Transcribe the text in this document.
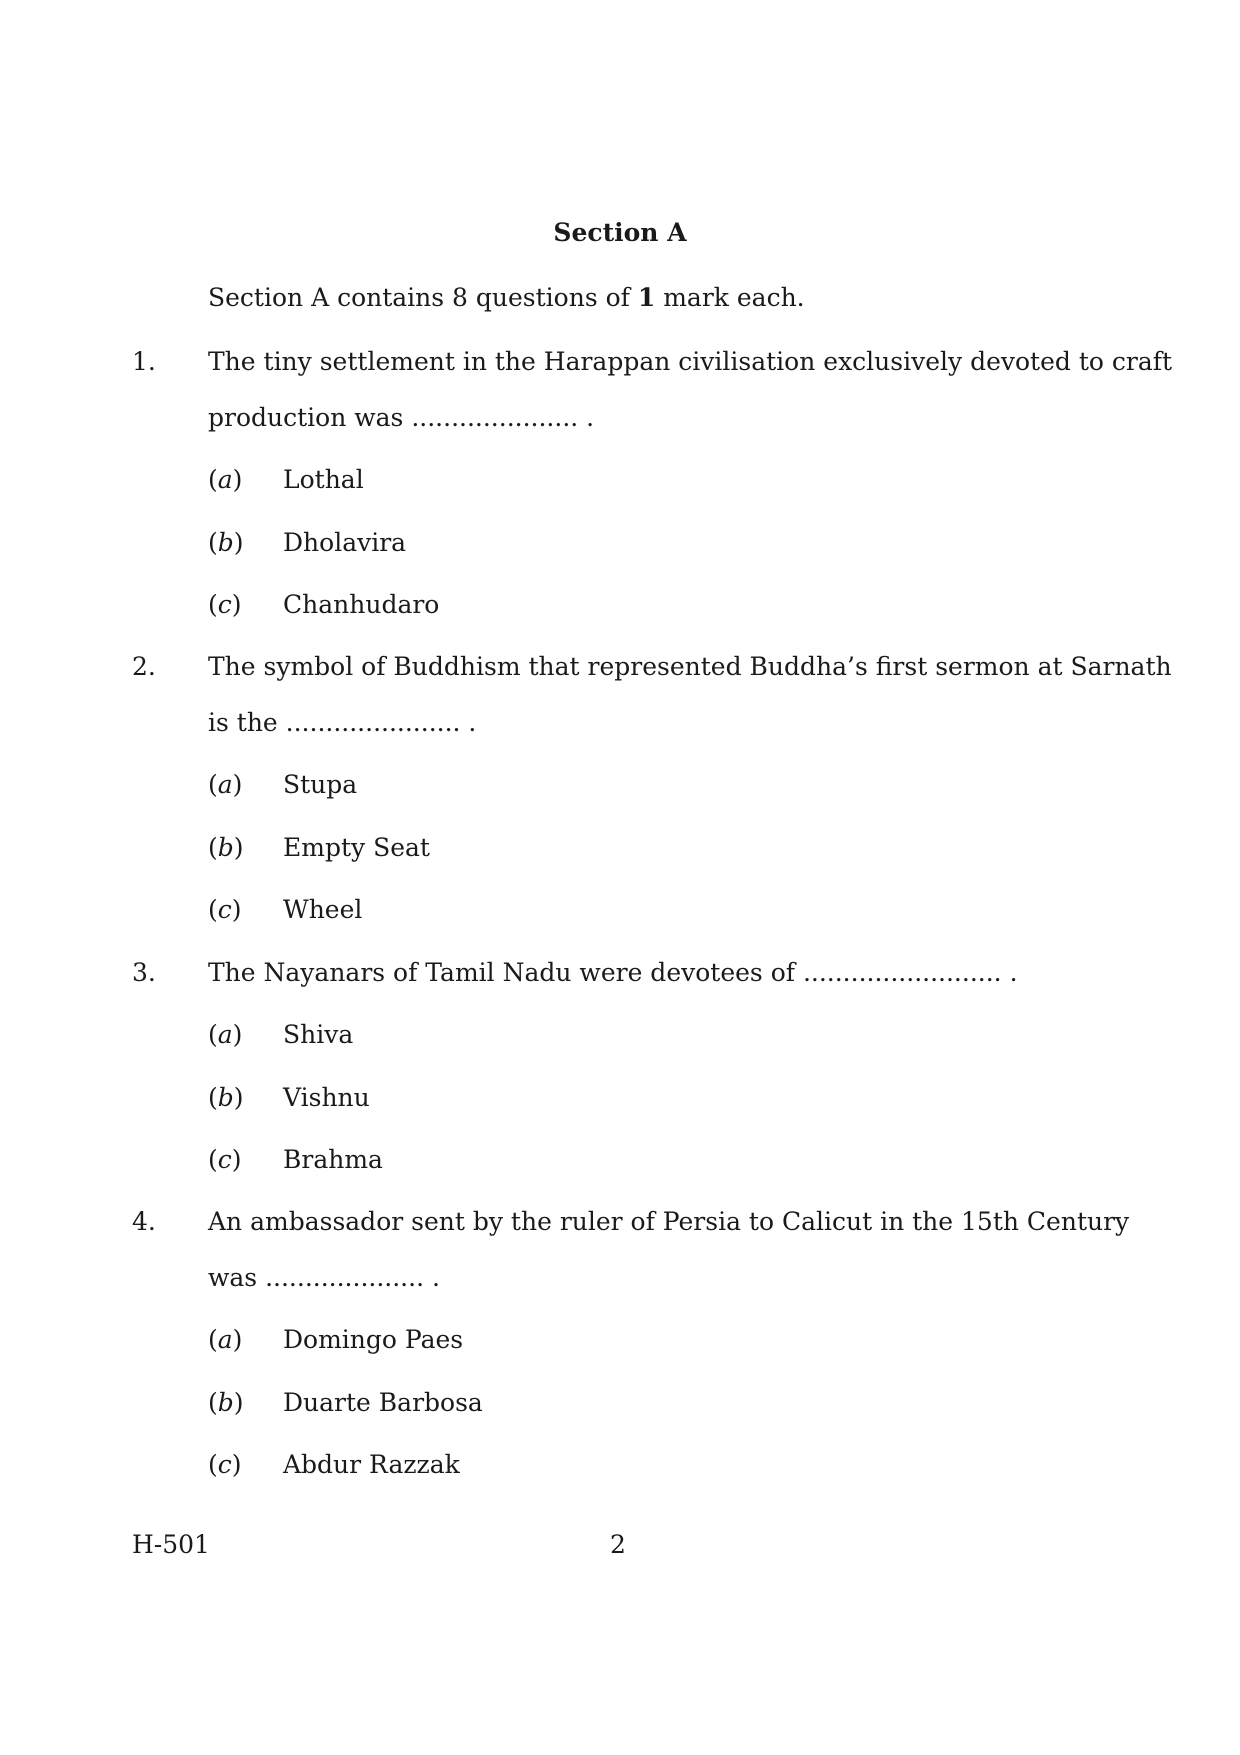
Section A
Section A contains 8 questions of 1 mark each.
1. The tiny settlement in the Harappan civilisation exclusively devoted to craft
production was ..................... .
(a) Lothal
(b) Dholavira
(c) Chanhudaro
2. The symbol of Buddhism that represented Buddha’s first sermon at Sarnath
is the ...................... .
(a) Stupa
(b) Empty Seat
(c) Wheel
3. The Nayanars of Tamil Nadu were devotees of ......................... .
(a) Shiva
(b) Vishnu
(c) Brahma
4. An ambassador sent by the ruler of Persia to Calicut in the 15th Century
was .................... .
(a) Domingo Paes
(b) Duarte Barbosa
(c) Abdur Razzak
H-501	2
